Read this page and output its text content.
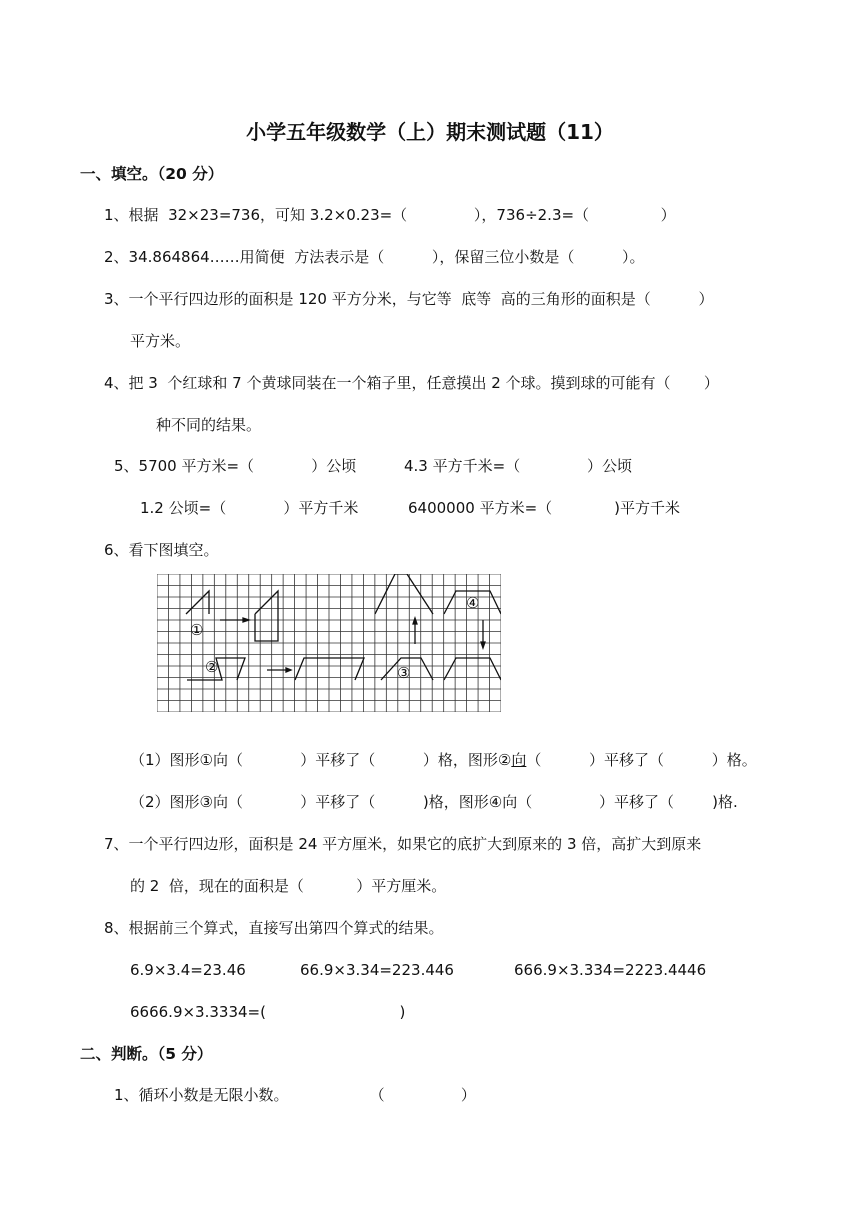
小学五年级数学（上）期末测试题（11）
一、填空。（20 分）
1、根据  32×23=736，可知 3.2×0.23=（              ），736÷2.3=（               ）
2、34.864864……用简便  方法表示是（          ），保留三位小数是（          ）。
3、一个平行四边形的面积是 120 平方分米，与它等  底等  高的三角形的面积是（          ）
平方米。
4、把 3  个红球和 7 个黄球同装在一个箱子里，任意摸出 2 个球。摸到球的可能有（       ）
种不同的结果。
5、5700 平方米=（            ）公顷	4.3 平方千米=（              ）公顷
1.2 公顷=（            ）平方千米	6400000 平方米=（             )平方千米
6、看下图填空。
①
②	③
④
（1）图形①向（            ）平移了（          ）格，图形②向（          ）平移了（          ）格。
（2）图形③向（            ）平移了（          )格，图形④向（              ）平移了（        )格.
7、一个平行四边形，面积是 24 平方厘米，如果它的底扩大到原来的 3 倍，高扩大到原来
的 2  倍，现在的面积是（           ）平方厘米。
8、根据前三个算式，直接写出第四个算式的结果。
6.9×3.4=23.46	66.9×3.34=223.446	666.9×3.334=2223.4446
6666.9×3.3334=(                            )
二、判断。（5 分）
1、循环小数是无限小数。                 （                ）
